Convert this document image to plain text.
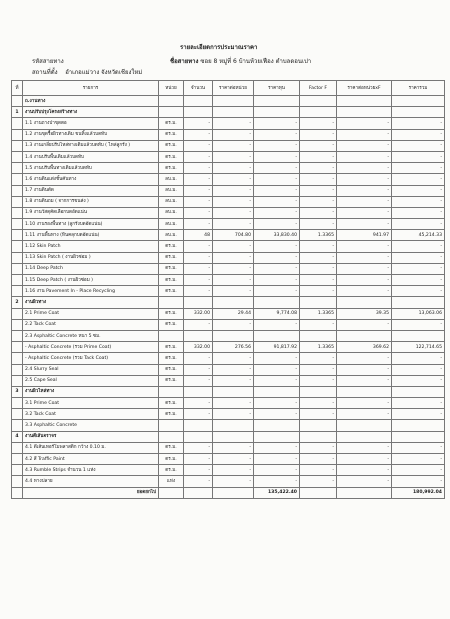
รายละเอียดการประมาณราคา
รหัสสายทาง	ชื่อสายทาง ซอย 8 หมู่ที่ 6 บ้านห้วยเฟือง ตำบลดอนเปา
สถานที่ตั้ง อำเภอแม่วาง จังหวัดเชียงใหม่
ที่	รายการ	หน่วย	จำนวน	ราคาต่อหน่วย	ราคาทุน	Factor F	ราคาต่อหน่วยxF	ราคารวม
	ถ.งานทาง							
1	งานปรับปรุงโครงสร้างทาง							
	1.1 งานถางป่าขุดตอ	ตร.ม.	-	-	-	-	-	-
	1.2 งานขุดรื้อผิวทางเดิม ขนทิ้งแล้วบดทับ	ตร.ม.	-	-	-	-	-	-
	1.3 งานเกลี่ยปรับไหล่ทางเดิมแล้วบดทับ ( ไหล่ลูกรัง )	ตร.ม.	-	-	-	-	-	-
	1.4 งานปรับพื้นเดิมแล้วบดทับ	ตร.ม.	-	-	-	-	-	-
	1.5 งานปรับพื้นทางเดิมแล้วบดทับ	ตร.ม.	-	-	-	-	-	-
	1.6 งานดินแต่งชั้นคันทาง	ลบ.ม.	-	-	-	-	-	-
	1.7 งานดินตัด	ลบ.ม.	-	-	-	-	-	-
	1.8 งานดินถม ( จากการขนส่ง )	ลบ.ม.	-	-	-	-	-	-
	1.9 งานวัสดุคัดเลือกบดอัดแน่น	ลบ.ม.	-	-	-	-	-	-
	1.10 งานรองพื้นทาง (ลูกรังบดอัดแน่น)	ลบ.ม.	-	-	-	-	-	-
	1.11 งานพื้นทาง (หินคลุกบดอัดแน่น)	ลบ.ม.	48	704.80	33,830.40	1.3365	941.97	45,214.33
	1.12 Skin Patch	ตร.ม.	-	-	-	-	-	-
	1.13 Skin Patch ( งานผิวซ่อม )	ตร.ม.	-	-	-	-	-	-
	1.14 Deep Patch	ตร.ม.	-	-	-	-	-	-
	1.15 Deep Patch ( งานผิวซ่อม )	ตร.ม.	-	-	-	-	-	-
	1.16 งาน Pavement In - Place Recycling	ตร.ม.	-	-	-	-	-	-
2	งานผิวทาง							
	2.1 Prime Coat	ตร.ม.	332.00	29.44	9,774.08	1.3365	39.35	13,063.06
	2.2 Tack Coat	ตร.ม.	-	-	-	-	-	-
	2.3 Asphaltic Concrete หนา 5 ซม.							
	- Asphaltic Concrete (รวม Prime Coat)	ตร.ม.	332.00	276.56	91,817.92	1.3365	369.62	122,714.65
	- Asphaltic Concrete (รวม Tack Coat)	ตร.ม.	-	-	-	-	-	-
	2.4 Slurry Seal	ตร.ม.	-	-	-	-	-	-
	2.5 Cape Seal	ตร.ม.	-	-	-	-	-	-
3	งานผิวไหล่ทาง							
	3.1 Prime Coat	ตร.ม.	-	-	-	-	-	-
	3.2 Tack Coat	ตร.ม.	-	-	-	-	-	-
	3.3 Asphaltic Concrete							
4	งานตีเส้นจราจร							
	4.1 ตีเส้นเทอร์โมพลาสติก กว้าง 0.10 ม.	ตร.ม.	-	-	-	-	-	-
	4.2 สี Traffic Paint	ตร.ม.	-	-	-	-	-	-
	4.3 Rumble Strips จำนวน 1 แห่ง	ตร.ม.	-	-	-	-	-	-
	4.4 หางปลาย	แห่ง	-	-	-	-	-	-
	ยอดยกไป				135,422.40			180,992.04
